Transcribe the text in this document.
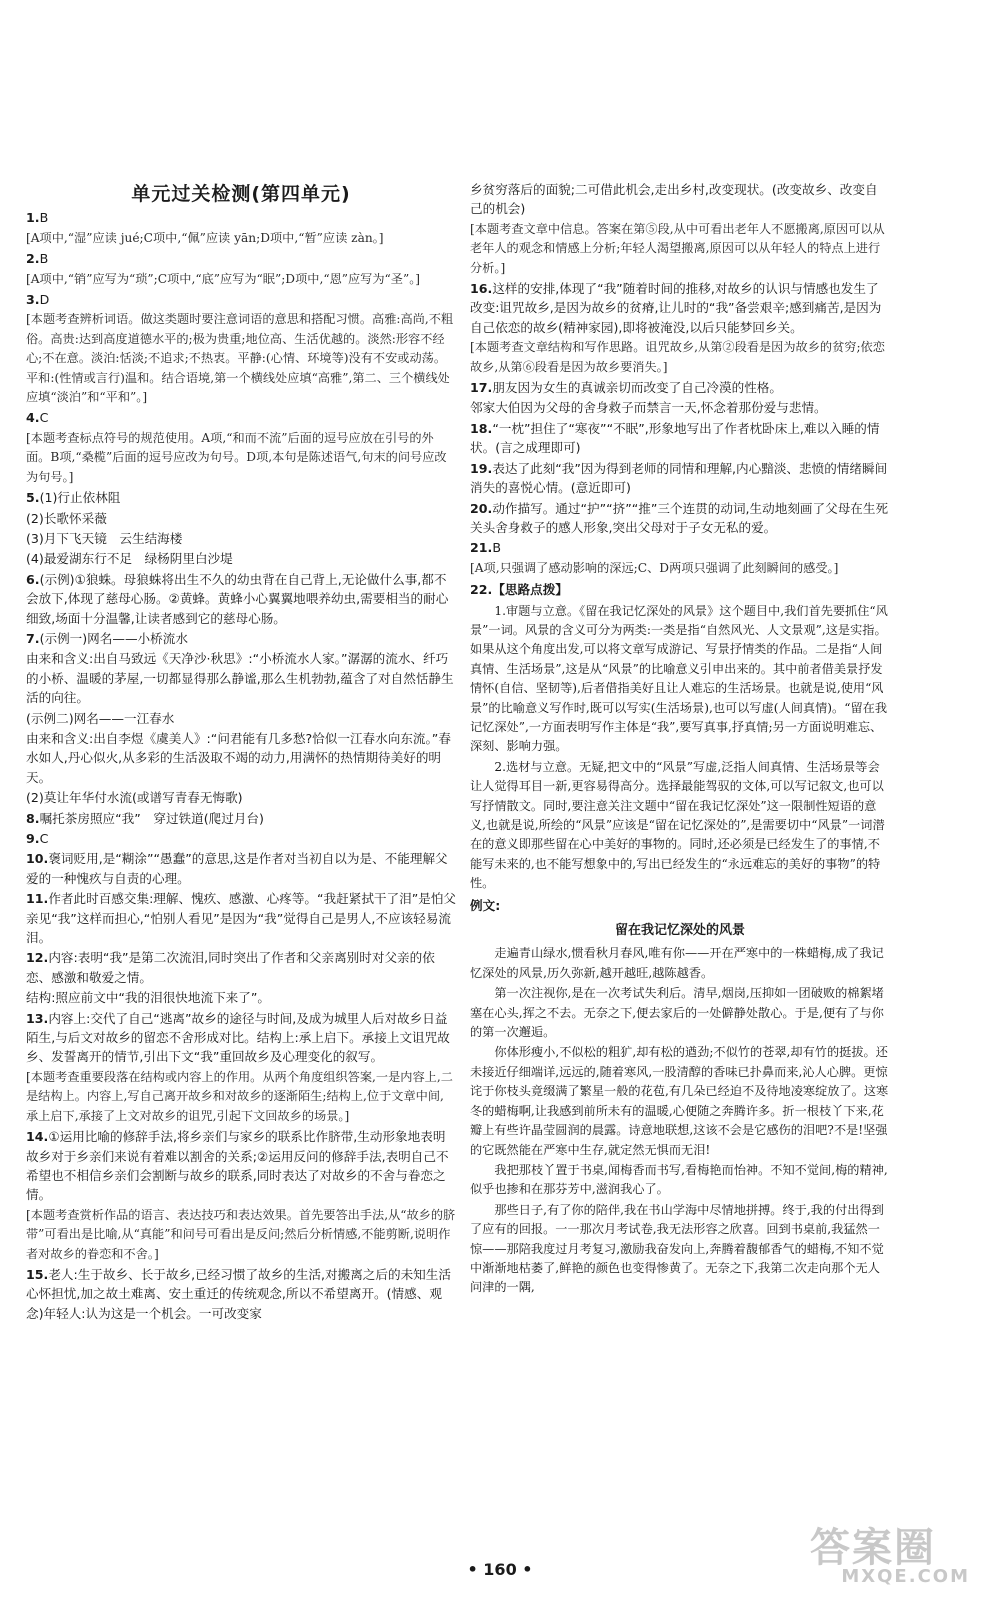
单元过关检测(第四单元)
1.B
[A项中,“湿”应读 jué;C项中,“佩”应读 yān;D项中,“暂”应读 zàn。]
2.B
[A项中,“销”应写为“琐”;C项中,“底”应写为“眠”;D项中,“恩”应写为“圣”。]
3.D
[本题考查辨析词语。做这类题时要注意词语的意思和搭配习惯。高雅:高尚,不粗俗。高贵:达到高度道德水平的;极为贵重;地位高、生活优越的。淡然:形容不经心;不在意。淡泊:恬淡;不追求;不热衷。平静:(心情、环境等)没有不安或动荡。平和:(性情或言行)温和。结合语境,第一个横线处应填“高雅”,第二、三个横线处应填“淡泊”和“平和”。]
4.C
[本题考查标点符号的规范使用。A项,“和而不流”后面的逗号应放在引号的外面。B项,“桑榄”后面的逗号应改为句号。D项,本句是陈述语气,句末的问号应改为句号。]
5.(1)行止依林阻
(2)长歌怀采薇
(3)月下飞天镜　云生结海楼
(4)最爱湖东行不足　绿杨阴里白沙堤
6.(示例)①狼蛛。母狼蛛将出生不久的幼虫背在自己背上,无论做什么事,都不会放下,体现了慈母心肠。②黄蜂。黄蜂小心翼翼地喂养幼虫,需要相当的耐心细致,场面十分温馨,让读者感到它的慈母心肠。
7.(示例一)网名——小桥流水
由来和含义:出自马致远《天净沙·秋思》:“小桥流水人家。”潺潺的流水、纤巧的小桥、温暖的茅屋,一切都显得那么静谧,那么生机勃勃,蕴含了对自然恬静生活的向往。
(示例二)网名——一江春水
由来和含义:出自李煜《虞美人》:“问君能有几多愁?恰似一江春水向东流。”春水如人,丹心似火,从多彩的生活汲取不竭的动力,用满怀的热情期待美好的明天。
(2)莫让年华付水流(或谱写青春无悔歌)
8.嘱托茶房照应“我”　穿过铁道(爬过月台)
9.C
10.褒词贬用,是“糊涂”“愚蠢”的意思,这是作者对当初自以为是、不能理解父爱的一种愧疚与自责的心理。
11.作者此时百感交集:理解、愧疚、感激、心疼等。“我赶紧拭干了泪”是怕父亲见“我”这样而担心,“怕别人看见”是因为“我”觉得自己是男人,不应该轻易流泪。
12.内容:表明“我”是第二次流泪,同时突出了作者和父亲离别时对父亲的依恋、感激和敬爱之情。
结构:照应前文中“我的泪很快地流下来了”。
13.内容上:交代了自己“逃离”故乡的途径与时间,及成为城里人后对故乡日益陌生,与后文对故乡的留恋不舍形成对比。结构上:承上启下。承接上文诅咒故乡、发誓离开的情节,引出下文“我”重回故乡及心理变化的叙写。
[本题考查重要段落在结构或内容上的作用。从两个角度组织答案,一是内容上,二是结构上。内容上,写自己离开故乡和对故乡的逐渐陌生;结构上,位于文章中间,承上启下,承接了上文对故乡的诅咒,引起下文回故乡的场景。]
14.①运用比喻的修辞手法,将乡亲们与家乡的联系比作脐带,生动形象地表明故乡对于乡亲们来说有着难以割舍的关系;②运用反问的修辞手法,表明自己不希望也不相信乡亲们会割断与故乡的联系,同时表达了对故乡的不舍与眷恋之情。
[本题考查赏析作品的语言、表达技巧和表达效果。首先要答出手法,从“故乡的脐带”可看出是比喻,从“真能”和问号可看出是反问;然后分析情感,不能剪断,说明作者对故乡的眷恋和不舍。]
15.老人:生于故乡、长于故乡,已经习惯了故乡的生活,对搬离之后的未知生活心怀担忧,加之故土难离、安土重迁的传统观念,所以不希望离开。(情感、观念)年轻人:认为这是一个机会。一可改变家
乡贫穷落后的面貌;二可借此机会,走出乡村,改变现状。(改变故乡、改变自己的机会)
[本题考查文章中信息。答案在第⑤段,从中可看出老年人不愿搬离,原因可以从老年人的观念和情感上分析;年轻人渴望搬离,原因可以从年轻人的特点上进行分析。]
16.这样的安排,体现了“我”随着时间的推移,对故乡的认识与情感也发生了改变:诅咒故乡,是因为故乡的贫瘠,让儿时的“我”备尝艰辛;感到痛苦,是因为自己依恋的故乡(精神家园),即将被淹没,以后只能梦回乡关。
[本题考查文章结构和写作思路。诅咒故乡,从第②段看是因为故乡的贫穷;依恋故乡,从第⑥段看是因为故乡要消失。]
17.朋友因为女生的真诚亲切而改变了自己冷漠的性格。
邻家大伯因为父母的舍身救子而禁言一天,怀念着那份爱与悲情。
18.“一枕”担住了“寒夜”“不眠”,形象地写出了作者枕卧床上,难以入睡的情状。(言之成理即可)
19.表达了此刻“我”因为得到老师的同情和理解,内心黯淡、悲愤的情绪瞬间消失的喜悦心情。(意近即可)
20.动作描写。通过“护”“挤”“推”三个连贯的动词,生动地刻画了父母在生死关头舍身救子的感人形象,突出父母对于子女无私的爱。
21.B
[A项,只强调了感动影响的深远;C、D两项只强调了此刻瞬间的感受。]
22.【思路点拨】

1.审题与立意。《留在我记忆深处的风景》这个题目中,我们首先要抓住“风景”一词。风景的含义可分为两类:一类是指“自然风光、人文景观”,这是实指。如果从这个角度出发,可以将文章写成游记、写景抒情类的作品。二是指“人间真情、生活场景”,这是从“风景”的比喻意义引申出来的。其中前者借美景抒发情怀(自信、坚韧等),后者借指美好且让人难忘的生活场景。也就是说,使用“风景”的比喻意义写作时,既可以写实(生活场景),也可以写虚(人间真情)。“留在我记忆深处”,一方面表明写作主体是“我”,要写真事,抒真情;另一方面说明难忘、深刻、影响力强。

2.选材与立意。无疑,把文中的“风景”写虚,泛指人间真情、生活场景等会让人觉得耳目一新,更容易得高分。选择最能驾驭的文体,可以写记叙文,也可以写抒情散文。同时,要注意关注文题中“留在我记忆深处”这一限制性短语的意义,也就是说,所绘的“风景”应该是“留在记忆深处的”,是需要切中“风景”一词潜在的意义即那些留在心中美好的事物的。同时,还必须是已经发生了的事情,不能写未来的,也不能写想象中的,写出已经发生的“永远难忘的美好的事物”的特性。

例文:
留在我记忆深处的风景

走遍青山绿水,惯看秋月春风,唯有你——开在严寒中的一株蜡梅,成了我记忆深处的风景,历久弥新,越开越旺,越陈越香。

第一次注视你,是在一次考试失利后。清早,烟岗,压抑如一团破败的棉絮堵塞在心头,挥之不去。无奈之下,便去家后的一处僻静处散心。于是,便有了与你的第一次邂逅。

你体形瘦小,不似松的粗犷,却有松的遒劲;不似竹的苍翠,却有竹的挺拔。还未接近仔细端详,远远的,随着寒风,一股清醇的香味已扑鼻而来,沁人心脾。更惊诧于你枝头竟缀满了繁星一般的花苞,有几朵已经迫不及待地凌寒绽放了。这寒冬的蜡梅啊,让我感到前所未有的温暖,心便随之奔腾许多。折一根枝丫下来,花瓣上有些许晶莹圆润的晨露。诗意地联想,这该不会是它感伤的泪吧?不是!坚强的它既然能在严寒中生存,就定然无惧而无泪!

我把那枝丫置于书桌,闻梅香而书写,看梅艳而怡神。不知不觉间,梅的精神,似乎也掺和在那芬芳中,滋润我心了。

那些日子,有了你的陪伴,我在书山学海中尽情地拼搏。终于,我的付出得到了应有的回报。一一那次月考试卷,我无法形容之欣喜。回到书桌前,我猛然一惊——那陪我度过月考复习,激励我奋发向上,奔腾着馥郁香气的蜡梅,不知不觉中渐渐地枯萎了,鲜艳的颜色也变得惨黄了。无奈之下,我第二次走向那个无人问津的一隅,

• 160 •	答案圈
MXQE.COM
